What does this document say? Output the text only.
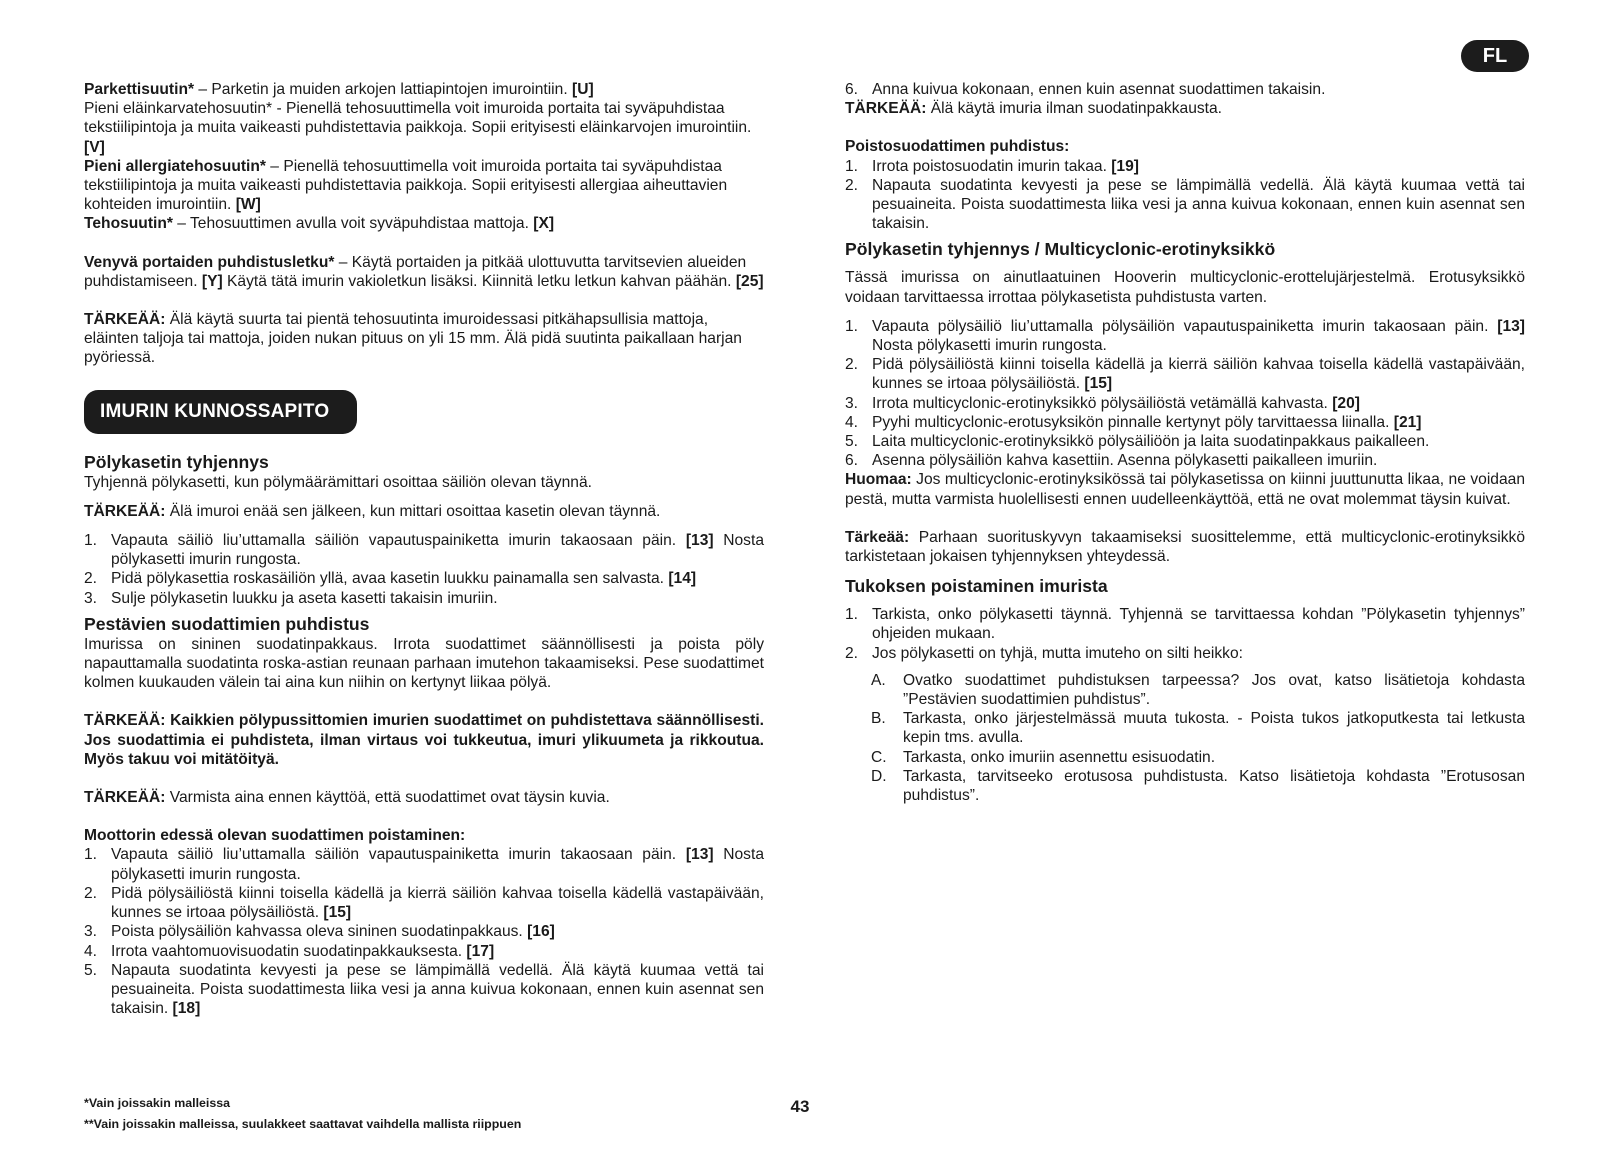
FL

Parkettisuutin* – Parketin ja muiden arkojen lattiapintojen imurointiin. [U]
Pieni eläinkarvatehosuutin* - Pienellä tehosuuttimella voit imuroida portaita tai syväpuhdistaa tekstiilipintoja ja muita vaikeasti puhdistettavia paikkoja. Sopii erityisesti eläinkarvojen imurointiin. [V]
Pieni allergiatehosuutin* – Pienellä tehosuuttimella voit imuroida portaita tai syväpuhdistaa tekstiilipintoja ja muita vaikeasti puhdistettavia paikkoja. Sopii erityisesti allergiaa aiheuttavien kohteiden imurointiin. [W]
Tehosuutin* – Tehosuuttimen avulla voit syväpuhdistaa mattoja. [X]

Venyvä portaiden puhdistusletku* – Käytä portaiden ja pitkää ulottuvutta tarvitsevien alueiden puhdistamiseen. [Y] Käytä tätä imurin vakioletkun lisäksi. Kiinnitä letku letkun kahvan päähän. [25]

TÄRKEÄÄ: Älä käytä suurta tai pientä tehosuutinta imuroidessasi pitkähapsullisia mattoja, eläinten taljoja tai mattoja, joiden nukan pituus on yli 15 mm. Älä pidä suutinta paikallaan harjan pyöriessä.

IMURIN KUNNOSSAPITO
Pölykasetin tyhjennys

Tyhjennä pölykasetti, kun pölymäärämittari osoittaa säiliön olevan täynnä.

TÄRKEÄÄ: Älä imuroi enää sen jälkeen, kun mittari osoittaa kasetin olevan täynnä.

1. Vapauta säiliö liu’uttamalla säiliön vapautuspainiketta imurin takaosaan päin. [13] Nosta pölykasetti imurin rungosta.
2. Pidä pölykasettia roskasäiliön yllä, avaa kasetin luukku painamalla sen salvasta. [14]
3. Sulje pölykasetin luukku ja aseta kasetti takaisin imuriin.
Pestävien suodattimien puhdistus

Imurissa on sininen suodatinpakkaus. Irrota suodattimet säännöllisesti ja poista pöly napauttamalla suodatinta roska-astian reunaan parhaan imutehon takaamiseksi. Pese suodattimet kolmen kuukauden välein tai aina kun niihin on kertynyt liikaa pölyä.

TÄRKEÄÄ: Kaikkien pölypussittomien imurien suodattimet on puhdistettava säännöllisesti. Jos suodattimia ei puhdisteta, ilman virtaus voi tukkeutua, imuri ylikuumeta ja rikkoutua. Myös takuu voi mitätöityä.

TÄRKEÄÄ: Varmista aina ennen käyttöä, että suodattimet ovat täysin kuvia.

Moottorin edessä olevan suodattimen poistaminen:

1. Vapauta säiliö liu’uttamalla säiliön vapautuspainiketta imurin takaosaan päin. [13] Nosta pölykasetti imurin rungosta.
2. Pidä pölysäiliöstä kiinni toisella kädellä ja kierrä säiliön kahvaa toisella kädellä vastapäivään, kunnes se irtoaa pölysäiliöstä. [15]
3. Poista pölysäiliön kahvassa oleva sininen suodatinpakkaus. [16]
4. Irrota vaahtomuovisuodatin suodatinpakkauksesta. [17]
5. Napauta suodatinta kevyesti ja pese se lämpimällä vedellä. Älä käytä kuumaa vettä tai pesuaineita. Poista suodattimesta liika vesi ja anna kuivua kokonaan, ennen kuin asennat sen takaisin. [18]
6. Anna kuivua kokonaan, ennen kuin asennat suodattimen takaisin.

TÄRKEÄÄ: Älä käytä imuria ilman suodatinpakkausta.

Poistosuodattimen puhdistus:

1. Irrota poistosuodatin imurin takaa. [19]
2. Napauta suodatinta kevyesti ja pese se lämpimällä vedellä. Älä käytä kuumaa vettä tai pesuaineita. Poista suodattimesta liika vesi ja anna kuivua kokonaan, ennen kuin asennat sen takaisin.
Pölykasetin tyhjennys / Multicyclonic-erotinyksikkö

Tässä imurissa on ainutlaatuinen Hooverin multicyclonic-erottelujärjestelmä. Erotusyksikkö voidaan tarvittaessa irrottaa pölykasetista puhdistusta varten.

1. Vapauta pölysäiliö liu’uttamalla pölysäiliön vapautuspainiketta imurin takaosaan päin. [13] Nosta pölykasetti imurin rungosta.
2. Pidä pölysäiliöstä kiinni toisella kädellä ja kierrä säiliön kahvaa toisella kädellä vastapäivään, kunnes se irtoaa pölysäiliöstä. [15]
3. Irrota multicyclonic-erotinyksikkö pölysäiliöstä vetämällä kahvasta. [20]
4. Pyyhi multicyclonic-erotusyksikön pinnalle kertynyt pöly tarvittaessa liinalla. [21]
5. Laita multicyclonic-erotinyksikkö pölysäiliöön ja laita suodatinpakkaus paikalleen.
6. Asenna pölysäiliön kahva kasettiin. Asenna pölykasetti paikalleen imuriin.

Huomaa: Jos multicyclonic-erotinyksikössä tai pölykasetissa on kiinni juuttunutta likaa, ne voidaan pestä, mutta varmista huolellisesti ennen uudelleenkäyttöä, että ne ovat molemmat täysin kuivat.

Tärkeää: Parhaan suorituskyvyn takaamiseksi suosittelemme, että multicyclonic-erotinyksikkö tarkistetaan jokaisen tyhjennyksen yhteydessä.

Tukoksen poistaminen imurista
1. Tarkista, onko pölykasetti täynnä. Tyhjennä se tarvittaessa kohdan ”Pölykasetin tyhjennys” ohjeiden mukaan.
2. Jos pölykasetti on tyhjä, mutta imuteho on silti heikko:
A.	Ovatko suodattimet puhdistuksen tarpeessa? Jos ovat, katso lisätietoja kohdasta ”Pestävien suodattimien puhdistus”.
B.	Tarkasta, onko järjestelmässä muuta tukosta. - Poista tukos jatkoputkesta tai letkusta kepin tms. avulla.
C.	Tarkasta, onko imuriin asennettu esisuodatin.
D.	Tarkasta, tarvitseeko erotusosa puhdistusta. Katso lisätietoja kohdasta ”Erotusosan puhdistus”.
*Vain joissakin malleissa
**Vain joissakin malleissa, suulakkeet saattavat vaihdella mallista riippuen
43
